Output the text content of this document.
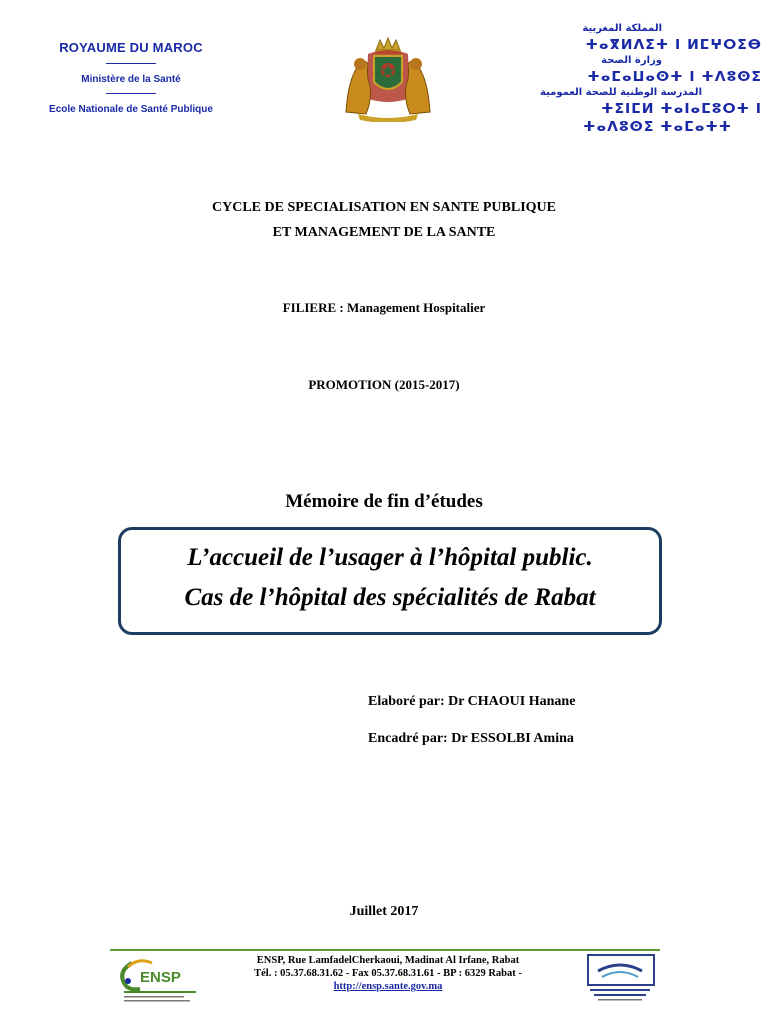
ROYAUME DU MAROC
Ministère de la Santé
Ecole Nationale de Santé Publique
المملكة المغربية
ⵜⴰⴳⵍⴷⵉⵜ ⵏ ⵍⵎⵖⵔⵉⴱ
وزارة الصحة
ⵜⴰⵎⴰⵡⴰⵙⵜ ⵏ ⵜⴷⵓⵙⵉ
المدرسة الوطنية للصحة العمومية
ⵜⵉⵏⵎⵍ ⵜⴰⵏⴰⵎⵓⵔⵜ ⵏ
ⵜⴰⴷⵓⵙⵉ ⵜⴰⵎⴰⵜⵜ
CYCLE DE SPECIALISATION EN SANTE PUBLIQUE
ET MANAGEMENT DE LA SANTE
FILIERE : Management Hospitalier
PROMOTION (2015-2017)
Mémoire de fin d’études
L’accueil de l’usager à l’hôpital public.
Cas de l’hôpital des spécialités de Rabat
Elaboré par: Dr CHAOUI Hanane
Encadré par: Dr ESSOLBI Amina
Juillet 2017
ENSP
ENSP, Rue LamfadelCherkaoui, Madinat Al Irfane, Rabat
Tél. : 05.37.68.31.62 - Fax 05.37.68.31.61 - BP : 6329 Rabat -
http://ensp.sante.gov.ma
